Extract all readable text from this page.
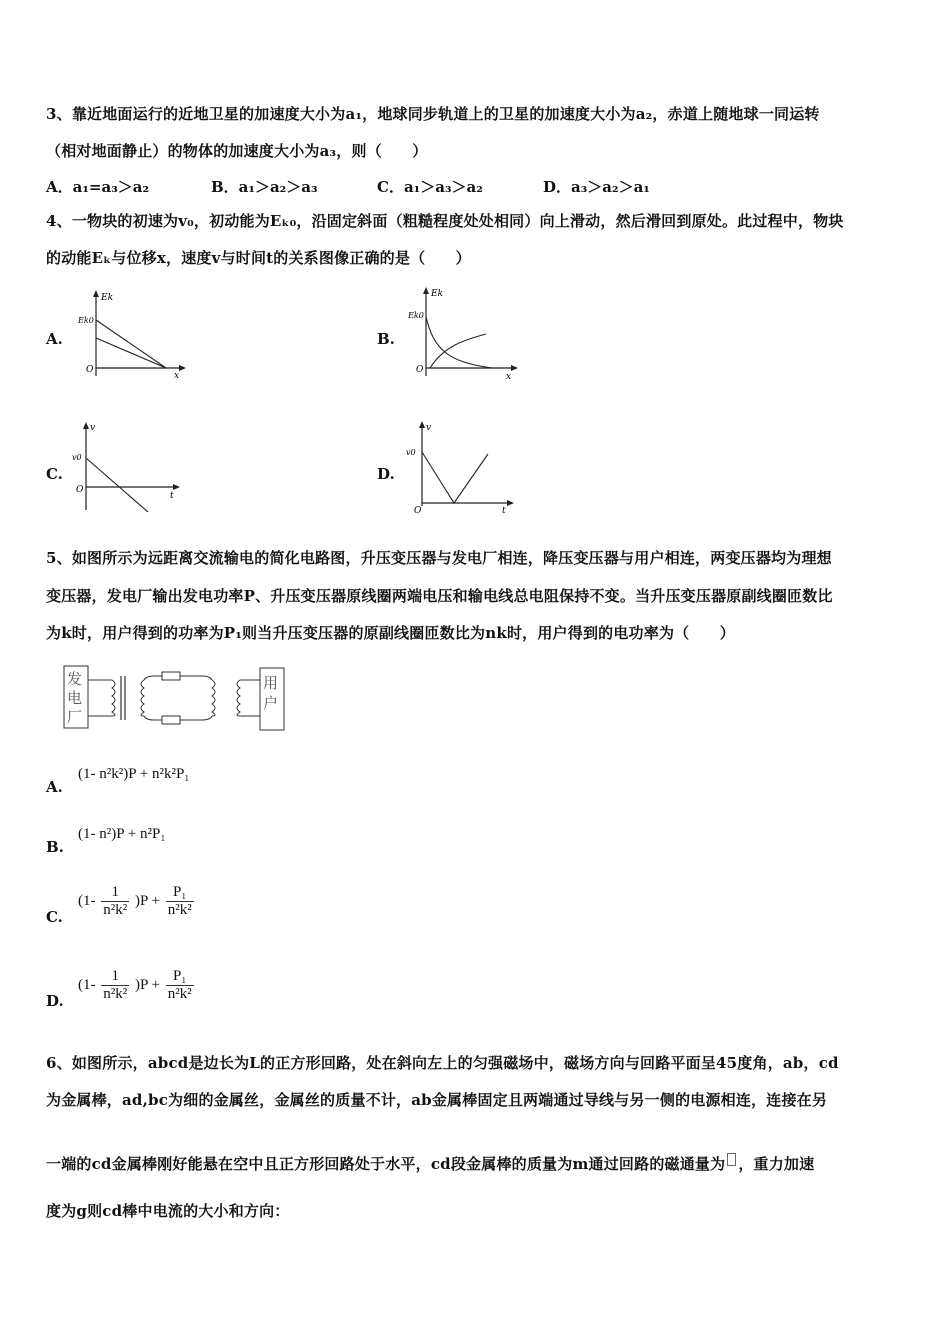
3、靠近地面运行的近地卫星的加速度大小为a₁，地球同步轨道上的卫星的加速度大小为a₂，赤道上随地球一同运转
（相对地面静止）的物体的加速度大小为a₃，则（　　）
A．a₁=a₃＞a₂	B．a₁＞a₂＞a₃	C．a₁＞a₃＞a₂	D．a₃＞a₂＞a₁
4、一物块的初速为v₀，初动能为Eₖ₀，沿固定斜面（粗糙程度处处相同）向上滑动，然后滑回到原处。此过程中，物块
的动能Eₖ与位移x，速度v与时间t的关系图像正确的是（　　）
A.
Ek
Ek0
O
x
B.
Ek
Ek0
O
x
C.
v
v0
O
t
D.
v
v0
O	t
5、如图所示为远距离交流输电的简化电路图，升压变压器与发电厂相连，降压变压器与用户相连，两变压器均为理想
变压器，发电厂输出发电功率P、升压变压器原线圈两端电压和输电线总电阻保持不变。当升压变压器原副线圈匝数比
为k时，用户得到的功率为P₁则当升压变压器的原副线圈匝数比为nk时，用户得到的电功率为（　　）
发
电
厂
用
户
A.
(1- n²k²)P + n²k²P₁
B.
(1- n²)P + n²P₁
C.
$(1- \frac{1}{\text{n²k²}} )P + \frac{\text{P₁}}{\text{n²k²}}$
D.
$(1- \frac{1}{\text{n²k²}} )P + \frac{\text{P₁}}{\text{n²k²}}$
6、如图所示，abcd是边长为L的正方形回路，处在斜向左上的匀强磁场中，磁场方向与回路平面呈45度角，ab，cd
为金属棒，ad,bc为细的金属丝，金属丝的质量不计，ab金属棒固定且两端通过导线与另一侧的电源相连，连接在另
一端的cd金属棒刚好能悬在空中且正方形回路处于水平，cd段金属棒的质量为m通过回路的磁通量为 ，重力加速
度为g则cd棒中电流的大小和方向：
